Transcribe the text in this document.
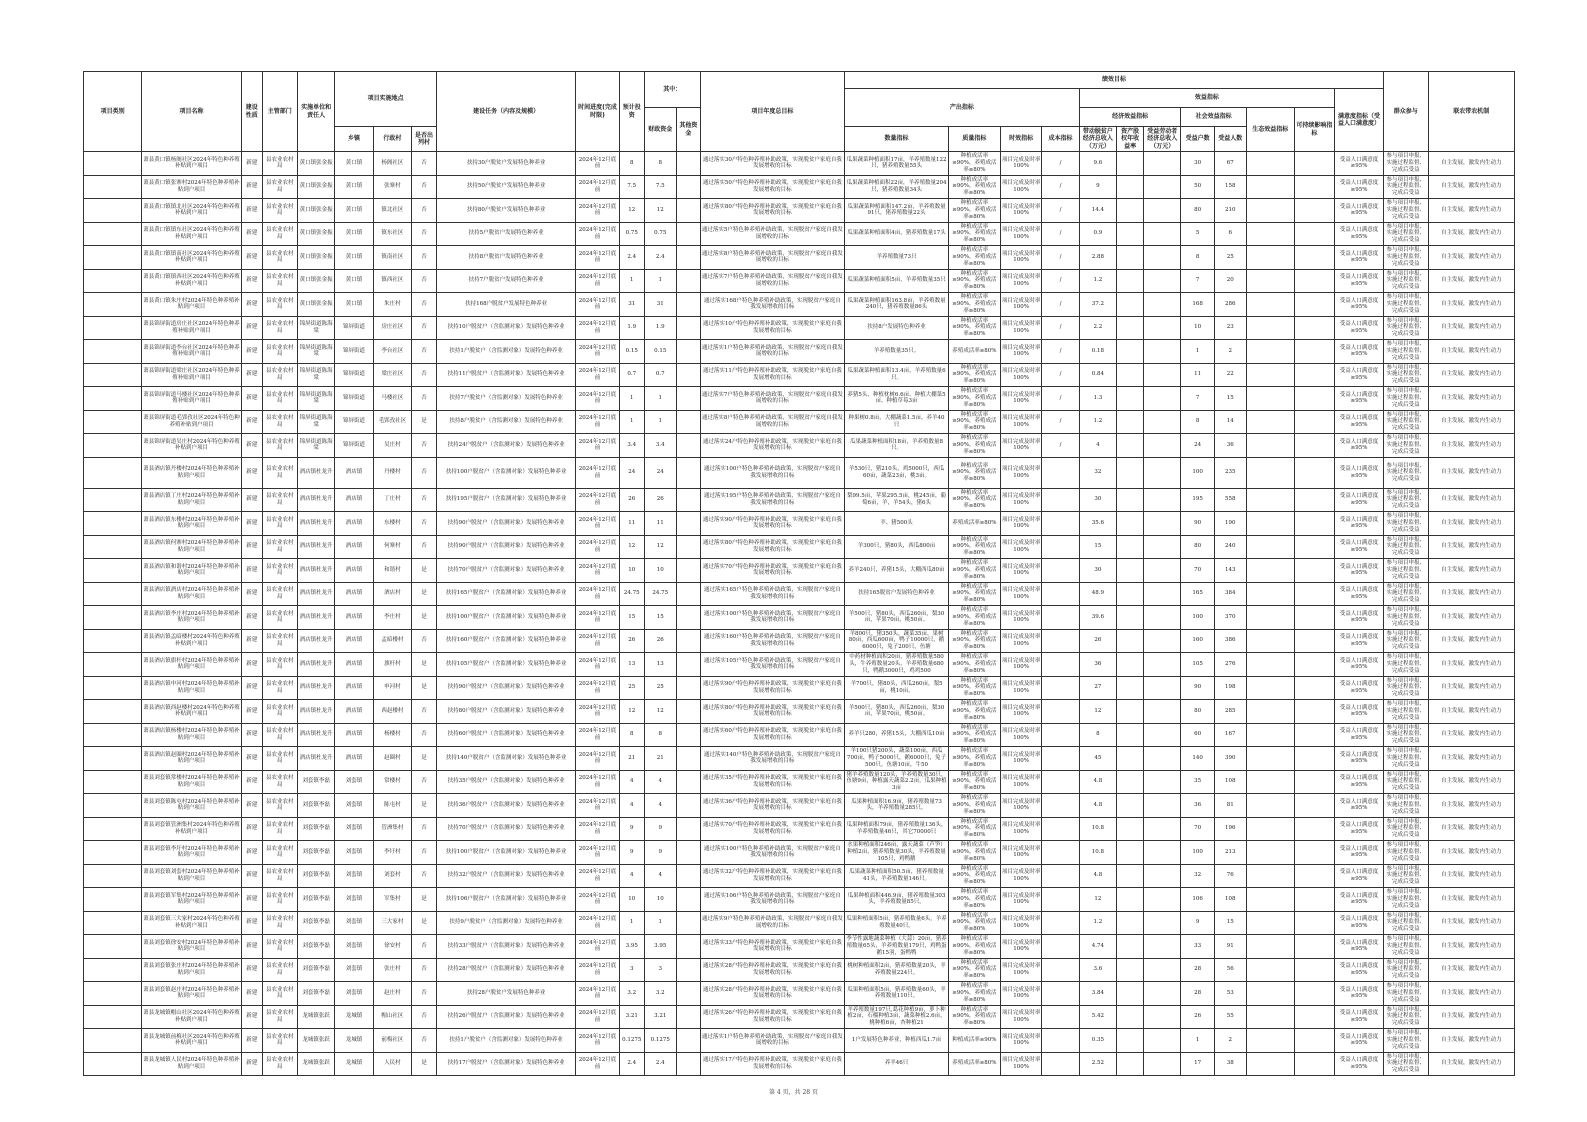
项目类别	项目名称	建设性质	主管部门	实施单位和责任人	项目实施地点			建设任务（内容及规模）	时间进度(完成时限)	预计投资	其中：		项目年度总目标	绩效目标												群众参与	联农带农机制
														产出指标				效益指标							满意度指标（受益人口满意度）		
											财政资金	其他资金						经济效益指标			社会效益指标		生态效益指标	可持续影响指标			
					乡镇	行政村	是否出列村							数量指标	质量指标	时效指标	成本指标	带动脱贫户经济总收入（万元）	资产股权年收益率	受益劳动者经济总收入（万元）	受益户数	受益人数					
	萧县黄口镇杨阁社区2024年特色种养殖补贴到户项目	新建	县农业农村局	黄口镇张金振	黄口镇	杨阁社区	否	扶持30户脱贫户发展特色种养业	2024年12月底前	8	8		通过落实30户特色种养殖补助政策，实现脱贫户家庭自我发展增收的目标	瓜果蔬菜种植面积17亩，羊养殖数量122只，猪养殖数量55头	种植成活率≥90%，养殖成活率≥80%	项目完成及时率100%	/	9.6			30	67			受益人口满意度≥95%	参与项目申报、实施过程监督、完成后受益	自主发展，激发内生动力
	萧县黄口镇张寨村2024年特色种养殖补贴到户项目	新建	县农业农村局	黄口镇张金振	黄口镇	张寨村	否	扶持50户脱贫户发展特色种养业	2024年12月底前	7.5	7.5		通过落实50户特色种养殖补助政策，实现脱贫户家庭自我发展增收的目标	瓜果蔬菜种植面积22亩，羊养殖数量204只，猪养殖数量34头	种植成活率≥90%，养殖成活率≥80%	项目完成及时率100%	/	9			50	158			受益人口满意度≥95%	参与项目申报、实施过程监督、完成后受益	自主发展，激发内生动力
	萧县黄口镇镇北社区2024年特色种养殖补贴到户项目	新建	县农业农村局	黄口镇张金振	黄口镇	镇北社区	否	扶持80户脱贫户发展特色种养业	2024年12月底前	12	12		通过落实80户特色种养殖补助政策，实现脱贫户家庭自我发展增收的目标	瓜果蔬菜种植面积147.2亩，羊养殖数量91只，猪养殖数量22头	种植成活率≥90%，养殖成活率≥80%	项目完成及时率100%	/	14.4			80	210			受益人口满意度≥95%	参与项目申报、实施过程监督、完成后受益	自主发展，激发内生动力
	萧县黄口镇镇东社区2024年特色种养殖补贴到户项目	新建	县农业农村局	黄口镇张金振	黄口镇	镇东社区	否	扶持5户脱贫户发展特色种养业	2024年12月底前	0.75	0.75		通过落实5户特色种养殖补助政策，实现脱贫户家庭自我发展增收的目标	瓜果蔬菜种植面积4亩，猪养殖数量17头	种植成活率≥90%，养殖成活率≥80%	项目完成及时率100%	/	0.9			5	6			受益人口满意度≥95%	参与项目申报、实施过程监督、完成后受益	自主发展，激发内生动力
	萧县黄口镇镇南社区2024年特色种养殖补贴到户项目	新建	县农业农村局	黄口镇张金振	黄口镇	镇南社区	否	扶持8户脱贫户发展特色种养业	2024年12月底前	2.4	2.4		通过落实8户特色种养殖补助政策，实现脱贫户家庭自我发展增收的目标	羊养殖数量73只	种植成活率≥90%，养殖成活率≥80%	项目完成及时率100%	/	2.88			8	25			受益人口满意度≥95%	参与项目申报、实施过程监督、完成后受益	自主发展，激发内生动力
	萧县黄口镇镇西社区2024年特色种养殖补贴到户项目	新建	县农业农村局	黄口镇张金振	黄口镇	镇西社区	否	扶持7户脱贫户发展特色种养业	2024年12月底前	1	1		通过落实7户特色种养殖补助政策，实现脱贫户家庭自我发展增收的目标	瓜果蔬菜种植面积5亩，羊养殖数量35只	种植成活率≥90%，养殖成活率≥80%	项目完成及时率100%	/	1.2			7	20			受益人口满意度≥95%	参与项目申报、实施过程监督、完成后受益	自主发展，激发内生动力
	萧县黄口镇朱庄村2024年特色种养殖补贴到户项目	新建	县农业农村局	黄口镇张金振	黄口镇	朱庄村	否	扶持168户脱贫户发展特色种养业	2024年12月底前	31	31		通过落实168户特色种养殖补助政策，实现脱贫户家庭自我发展增收的目标	瓜果蔬菜种植面积163.8亩，羊养殖数量240只，猪养殖数量86头	种植成活率≥90%，养殖成活率≥80%	项目完成及时率100%	/	37.2			168	286			受益人口满意度≥95%	参与项目申报、实施过程监督、完成后受益	自主发展，激发内生动力
	萧县锦屏街道房庄社区2024年特色种养殖补贴到户项目	新建	县农业农村局	锦屏街道陈海棠	锦屏街道	房庄社区	否	扶持10户脱贫户（含监测对象）发展特色种养业	2024年12月底前	1.9	1.9		通过落实10户特色种养殖补助政策，实现脱贫户家庭自我发展增收的目标	扶持8户发展特色种养业	种植成活率≥90%，养殖成活率≥80%	项目完成及时率100%	/	2.2			10	23			受益人口满意度≥95%	参与项目申报、实施过程监督、完成后受益	自主发展，激发内生动力
	萧县锦屏街道李台社区2024年特色种养殖补贴到户项目	新建	县农业农村局	锦屏街道陈海棠	锦屏街道	李台社区	否	扶持1户脱贫户（含监测对象）发展特色种养业	2024年12月底前	0.15	0.15		通过落实1户特色种养殖补助政策，实现脱贫户家庭自我发展增收的目标	羊养殖数量35只。	养殖成活率≥80%	项目完成及时率100%	/	0.18			1	2			受益人口满意度≥95%	参与项目申报、实施过程监督、完成后受益	自主发展，激发内生动力
	萧县锦屏街道梁庄社区2024年特色种养殖补贴到户项目	新建	县农业农村局	锦屏街道陈海棠	锦屏街道	梁庄社区	否	扶持11户脱贫户（含监测对象）发展特色种养业	2024年12月底前	0.7	0.7		通过落实11户特色种养殖补助政策，实现脱贫户家庭自我发展增收的目标	瓜果蔬菜种植面积13.4亩，羊养殖数量6只。	种植成活率≥90%，养殖成活率≥80%	项目完成及时率100%	/	0.84			11	22			受益人口满意度≥95%	参与项目申报、实施过程监督、完成后受益	自主发展，激发内生动力
	萧县锦屏街道马楼社区2024年特色种养殖补贴到户项目	新建	县农业农村局	锦屏街道陈海棠	锦屏街道	马楼社区	否	扶持7户脱贫户（含监测对象）发展特色种养业	2024年12月底前	1	1		通过落实7户特色种养殖补助政策，实现脱贫户家庭自我发展增收的目标	养猪5头、种植枕树6.6亩、种植大棚菜5亩、种植草莓3亩	种植成活率≥90%，养殖成活率≥80%	项目完成及时率100%	/	1.3			7	15			受益人口满意度≥95%	参与项目申报、实施过程监督、完成后受益	自主发展，激发内生动力
	萧县锦屏街道毛郢孜社区2024年特色种养殖补贴到户项目	新建	县农业农村局	锦屏街道陈海棠	锦屏街道	毛郢孜社区	是	扶持8户脱贫户（含监测对象）发展特色种养业	2024年12月底前	1	1		通过落实8户特色种养殖补助政策，实现脱贫户家庭自我发展增收的目标	种果树0.8亩，大棚蔬菜1.5亩，养羊40只	种植成活率≥90%，养殖成活率≥80%	项目完成及时率100%	/	1.2			8	14			受益人口满意度≥95%	参与项目申报、实施过程监督、完成后受益	自主发展，激发内生动力
	萧县锦屏街道吴庄村2024年特色种养殖补贴到户项目	新建	县农业农村局	锦屏街道陈海棠	锦屏街道	吴庄村	否	扶持24户脱贫户（含监测对象）发展特色种养业	2024年12月底前	3.4	3.4		通过落实24户特色种养殖补助政策，实现脱贫户家庭自我发展增收的目标	瓜果蔬菜种植面积18亩，羊养殖数量8只。	种植成活率≥90%，养殖成活率≥80%	项目完成及时率100%	/	4			24	36			受益人口满意度≥95%	参与项目申报、实施过程监督、完成后受益	自主发展，激发内生动力
	萧县酒店镇丹楼村2024年特色种养殖补贴到户项目	新建	县农业农村局	酒店镇杜龙升	酒店镇	丹楼村	否	扶持100户脱贫户（含监测对象）发展特色种养业	2024年12月底前	24	24		通过落实100户特色种养殖补助政策，实现脱贫户家庭自我发展增收的目标	羊530只，猪210头，鸡5000只，西瓜60亩，蔬菜23亩，桃3亩。	种植成活率≥90%，养殖成活率≥80%	项目完成及时率100%		32			100	235			受益人口满意度≥95%	参与项目申报、实施过程监督、完成后受益	自主发展，激发内生动力
	萧县酒店镇丁庄村2024年特色种养殖补贴到户项目	新建	县农业农村局	酒店镇杜龙升	酒店镇	丁庄村	否	扶持195户脱贫户（含监测对象）发展特色种养业	2024年12月底前	26	26		通过落实195户特色种养殖补助政策，实现脱贫户家庭自我发展增收的目标	梨99.5亩，苹果295.5亩，桃245亩，葡萄6亩，羊，羊54头，猪6头	种植成活率≥90%，养殖成活率≥80%	项目完成及时率100%		30			195	558			受益人口满意度≥95%	参与项目申报、实施过程监督、完成后受益	自主发展，激发内生动力
	萧县酒店镇东楼村2024年特色种养殖补贴到户项目	新建	县农业农村局	酒店镇杜龙升	酒店镇	东楼村	否	扶持90户脱贫户（含监测对象）发展特色种养业	2024年12月底前	11	11		通过落实90户特色种养殖补助政策，实现脱贫户家庭自我发展增收的目标	羊、猪500头	养殖成活率≥80%	项目完成及时率100%		35.6			90	190			受益人口满意度≥95%	参与项目申报、实施过程监督、完成后受益	自主发展，激发内生动力
	萧县酒店镇何寨村2024年特色种养殖补贴到户项目	新建	县农业农村局	酒店镇杜龙升	酒店镇	何寨村	否	扶持90户脱贫户（含监测对象）发展特色种养业	2024年12月底前	12	12		通过落实80户特色种养殖补助政策，实现脱贫户家庭自我发展增收的目标	羊300只，猪80头，西瓜800亩	种植成活率≥90%，养殖成活率≥80%	项目完成及时率100%		15			80	240			受益人口满意度≥95%	参与项目申报、实施过程监督、完成后受益	自主发展，激发内生动力
	萧县酒店镇和谐村2024年特色种养殖补贴到户项目	新建	县农业农村局	酒店镇杜龙升	酒店镇	和谐村	是	扶持70户脱贫户（含监测对象）发展特色种养业	2024年12月底前	10	10		通过落实70户特色种养殖补助政策，实现脱贫户家庭自我发展增收的目标	养羊240只，养猪15头，大棚西瓜80亩	种植成活率≥90%，养殖成活率≥80%	项目完成及时率100%		30			70	143			受益人口满意度≥95%	参与项目申报、实施过程监督、完成后受益	自主发展，激发内生动力
	萧县酒店镇酒店村2024年特色种养殖补贴到户项目	新建	县农业农村局	酒店镇杜龙升	酒店镇	酒店村	是	扶持165户脱贫户（含监测对象）发展特色种养业	2024年12月底前	24.75	24.75		通过落实165户特色种养殖补助政策，实现脱贫户家庭自我发展增收的目标	扶持165脱贫户发展特色种养业	种植成活率≥90%，养殖成活率≥80%	项目完成及时率100%		48.9			165	384			受益人口满意度≥95%	参与项目申报、实施过程监督、完成后受益	自主发展，激发内生动力
	萧县酒店镇李庄村2024年特色种养殖补贴到户项目	新建	县农业农村局	酒店镇杜龙升	酒店镇	李庄村	是	扶持100户脱贫户（含监测对象）发展特色种养业	2024年12月底前	15	15		通过落实100户特色种养殖补助政策，实现脱贫户家庭自我发展增收的目标	羊500只，猪80头，西瓜260亩，梨30亩，苹果70亩，桃50亩。	种植成活率≥90%，养殖成活率≥80%	项目完成及时率100%		39.6			100	370			受益人口满意度≥95%	参与项目申报、实施过程监督、完成后受益	自主发展，激发内生动力
	萧县酒店镇孟暗楼村2024年特色种养殖补贴到户项目	新建	县农业农村局	酒店镇杜龙升	酒店镇	孟暗楼村	否	扶持160户脱贫户（含监测对象）发展特色种养业	2024年12月底前	26	26		通过落实160户特色种养殖补助政策，实现脱贫户家庭自我发展增收的目标	羊800只，猪350头，蔬菜35亩，果树80亩，西瓜600亩，鸭子10000只，鹅6000只，兔子200只，鱼塘	种植成活率≥90%，养殖成活率≥80%	项目完成及时率100%		26			160	386			受益人口满意度≥95%	参与项目申报、实施过程监督、完成后受益	自主发展，激发内生动力
	萧县酒店镇旗杆村2024年特色种养殖补贴到户项目	新建	县农业农村局	酒店镇杜龙升	酒店镇	旗杆村	是	扶持105户脱贫户（含监测对象）发展特色种养业	2024年12月底前	13	13		通过落实105户特色种养殖补助政策，实现脱贫户家庭自我发展增收的目标	中药材种植面积20亩，猪养殖数量580头，牛养殖数量20头，羊养殖数量680只，鸭鹅3000只，鸡鸡500	种植成活率≥90%，养殖成活率≥80%	项目完成及时率100%		36			105	276			受益人口满意度≥95%	参与项目申报、实施过程监督、完成后受益	自主发展，激发内生动力
	萧县酒店镇申河村2024年特色种养殖补贴到户项目	新建	县农业农村局	酒店镇杜龙升	酒店镇	申河村	是	扶持90户脱贫户（含监测对象）发展特色种养业	2024年12月底前	25	25		通过落实90户特色种养殖补助政策，实现脱贫户家庭自我发展增收的目标	羊700只，猪80头，西瓜260亩，梨5亩，桃10亩。	种植成活率≥90%，养殖成活率≥80%	项目完成及时率100%		27			90	198			受益人口满意度≥95%	参与项目申报、实施过程监督、完成后受益	自主发展，激发内生动力
	萧县酒店镇西赵楼村2024年特色种养殖补贴到户项目	新建	县农业农村局	酒店镇杜龙升	酒店镇	西赵楼村	否	扶持80户脱贫户（含监测对象）发展特色种养业	2024年12月底前	12	12		通过落实80户特色种养殖补助政策，实现脱贫户家庭自我发展增收的目标	羊500只，猪80头，西瓜260亩，梨30亩，苹果70亩，桃50亩。	种植成活率≥90%，养殖成活率≥80%	项目完成及时率100%		12			80	285			受益人口满意度≥95%	参与项目申报、实施过程监督、完成后受益	自主发展，激发内生动力
	萧县酒店镇杨楼村2024年特色种养殖补贴到户项目	新建	县农业农村局	酒店镇杜龙升	酒店镇	杨楼村	否	扶持60户脱贫户（含监测对象）发展特色种养业	2024年12月底前	8	8		通过落实60户特色种养殖补助政策，实现脱贫户家庭自我发展增收的目标	养羊只280，养猪15头，大棚西瓜10亩	种植成活率≥90%，养殖成活率≥80%	项目完成及时率100%		8			60	167			受益人口满意度≥95%	参与项目申报、实施过程监督、完成后受益	自主发展，激发内生动力
	萧县酒店镇赵圈村2024年特色种养殖补贴到户项目	新建	县农业农村局	酒店镇杜龙升	酒店镇	赵圈村	是	扶持140户脱贫户（含监测对象）发展特色种养业	2024年12月底前	21	21		通过落实140户特色种养殖补助政策，实现脱贫户家庭自我发展增收的目标	羊100只猪200头，蔬菜100亩，西瓜700亩，鸭子5000只，鹅6000只，兔子500只，鱼塘10亩，牛50	种植成活率≥90%，养殖成活率≥80%	项目完成及时率100%		45			140	390			受益人口满意度≥95%	参与项目申报、实施过程监督、完成后受益	自主发展，激发内生动力
	萧县刘套镇常楼村2024年特色种养殖补贴到户项目	新建	县农业农村局	刘套镇李磊	刘套镇	常楼村	否	扶持35户脱贫户（含监测对象）发展特色种养业	2024年12月底前	4	4		通过落实35户特色种养殖补助政策，实现脱贫户家庭自我发展增收的目标	猪羊养殖数量120头，羊养殖数量30只，鱼塘9亩，种植露天蔬菜2.2亩，瓜果种植3亩	种植成活率≥90%，养殖成活率≥80%	项目完成及时率100%		4.8			35	108			受益人口满意度≥95%	参与项目申报、实施过程监督、完成后受益	自主发展，激发内生动力
	萧县刘套镇陈屯村2024年特色种养殖补贴到户项目	新建	县农业农村局	刘套镇李磊	刘套镇	陈屯村	是	扶持36户脱贫户（含监测对象）发展特色种养业	2024年12月底前	4	4		通过落实36户特色种养殖补助政策，实现脱贫户家庭自我发展增收的目标	瓜果种植面积16.9亩，猪养殖数量73头，羊养殖数量285只。	种植成活率≥90%，养殖成活率≥80%	项目完成及时率100%		4.8			36	81			受益人口满意度≥95%	参与项目申报、实施过程监督、完成后受益	自主发展，激发内生动力
	萧县刘套镇管洲集村2024年特色种养殖补贴到户项目	新建	县农业农村局	刘套镇李磊	刘套镇	管洲集村	否	扶持70户脱贫户（含监测对象）发展特色种养业	2024年12月底前	9	9		通过落实70户特色种养殖补助政策，实现脱贫户家庭自我发展增收的目标	瓜果种植面积79亩，猪养殖数量136头，羊养殖数量46只，其它70000只	种植成活率≥90%，养殖成活率≥80%	项目完成及时率100%		10.8			70	196			受益人口满意度≥95%	参与项目申报、实施过程监督、完成后受益	自主发展，激发内生动力
	萧县刘套镇李圩村2024年特色种养殖补贴到户项目	新建	县农业农村局	刘套镇李磊	刘套镇	李圩村	否	扶持100户脱贫户（含监测对象）发展特色种养业	2024年12月底前	9	9		通过落实100户特色种养殖补助政策，实现脱贫户家庭自我发展增收的目标	水果种植面积246亩，露天蔬菜（芦笋）种植2亩，猪养殖数量30头，羊养殖数量105只，鸡鸭鹅	种植成活率≥90%，养殖成活率≥80%	项目完成及时率100%		10.8			100	213			受益人口满意度≥95%	参与项目申报、实施过程监督、完成后受益	自主发展，激发内生动力
	萧县刘套镇刘套村2024年特色种养殖补贴到户项目	新建	县农业农村局	刘套镇李磊	刘套镇	刘套村	否	扶持32户脱贫户（含监测对象）发展特色种养业	2024年12月底前	4	4		通过落实32户特色种养殖补助政策，实现脱贫户家庭自我发展增收的目标	瓜果蔬菜种植面积50.5亩，猪养殖数量41头，羊养殖数量146只。	种植成活率≥90%，养殖成活率≥80%	项目完成及时率100%		4.8			32	76			受益人口满意度≥95%	参与项目申报、实施过程监督、完成后受益	自主发展，激发内生动力
	萧县刘套镇军集村2024年特色种养殖补贴到户项目	新建	县农业农村局	刘套镇李磊	刘套镇	军集村	是	扶持106户脱贫户（含监测对象）发展特色种养业	2024年12月底前	10	10		通过落实106户特色种养殖补助政策，实现脱贫户家庭自我发展增收的目标	瓜果种植面积446.9亩，猪养殖数量303头，羊养殖数量85只。	种植成活率≥90%，养殖成活率≥80%	项目完成及时率100%		12			106	108			受益人口满意度≥95%	参与项目申报、实施过程监督、完成后受益	自主发展，激发内生动力
	萧县刘套镇三大家村2024年特色种养殖补贴到户项目	新建	县农业农村局	刘套镇李磊	刘套镇	三大家村	是	扶持9户脱贫户（含监测对象）发展特色种养业	2024年12月底前	1	1		通过落实9户特色种养殖补助政策，实现脱贫户家庭自我发展增收的目标	瓜果种植面积5亩，猪养殖数量6头，羊养殖数量40只。	种植成活率≥90%，养殖成活率≥80%	项目完成及时率100%		1.2			9	15			受益人口满意度≥95%	参与项目申报、实施过程监督、完成后受益	自主发展，激发内生动力
	萧县刘套镇徐安村2024年特色种养殖补贴到户项目	新建	县农业农村局	刘套镇李磊	刘套镇	徐安村	否	扶持33户脱贫户（含监测对象）发展特色种养业	2024年12月底前	3.95	3.95		通过落实33户特色种养殖补助政策，实现脱贫户家庭自我发展增收的目标	季节性露地蔬菜种植（大蒜）20亩，猪养殖数量65头，羊养殖数量179只，鸡鸭蛋鹅15羽，蛋鸭鸭	种植成活率≥90%，养殖成活率≥80%	项目完成及时率100%		4.74			33	91			受益人口满意度≥95%	参与项目申报、实施过程监督、完成后受益	自主发展，激发内生动力
	萧县刘套镇张庄村2024年特色种养殖补贴到户项目	新建	县农业农村局	刘套镇李磊	刘套镇	张庄村	否	扶持28户脱贫户（含监测对象）发展特色种养业	2024年12月底前	3	3		通过落实28户特色种养殖补助政策，实现脱贫户家庭自我发展增收的目标	桃树种植面积2亩，猪养殖数量20头，羊养殖数量224只。	种植成活率≥90%，养殖成活率≥80%	项目完成及时率100%		3.6			28	56			受益人口满意度≥95%	参与项目申报、实施过程监督、完成后受益	自主发展，激发内生动力
	萧县刘套镇赵庄村2024年特色种养殖补贴到户项目	新建	县农业农村局	刘套镇李磊	刘套镇	赵庄村	否	扶持28户脱贫户发展特色种养业	2024年12月底前	3.2	3.2		通过落实28户特色种养殖补助政策，实现脱贫户家庭自我发展增收的目标	瓜果种植面积5亩，猪养殖数量60头，羊养殖数量110只。	种植成活率≥90%，养殖成活率≥80%	项目完成及时率100%		3.84			28	53			受益人口满意度≥95%	参与项目申报、实施过程监督、完成后受益	自主发展，激发内生动力
	萧县龙城镇帽山社区2024年特色种养殖补贴到户项目	新建	县农业农村局	龙城镇张跃	龙城镇	帽山社区	否	扶持26户脱贫户（含监测对象）发展特色种养业	2024年12月底前	3.21	3.21		通过落实26户特色种养殖补助政策，实现脱贫户家庭自我发展增收的目标	羊养殖数量197只,葛花种植9亩，萝卜种植2亩，石榴种植3亩，蔬菜种植2.6亩，桃种植6亩，杏种植21	种植成活率≥90%，养殖成活率≥80%	项目完成及时率100%		5.42			26	55			受益人口满意度≥95%	参与项目申报、实施过程监督、完成后受益	自主发展，激发内生动力
	萧县龙城镇前梅社区2024年特色种养殖补贴到户项目	新建	县农业农村局	龙城镇张跃	龙城镇	前梅社区	否	扶持1户脱贫户（含监测对象）发展特色种养业	2024年12月底前	0.1275	0.1275		通过落实1户特色种养殖补助政策，实现脱贫户家庭自我发展增收的目标	1户发展特色种养业，种植西瓜1.7亩	种植成活率≥90%	项目完成及时率100%		0.35			1	2			受益人口满意度≥95%	参与项目申报、实施过程监督、完成后受益	自主发展，激发内生动力
	萧县龙城镇人民村2024年特色种养殖补贴到户项目	新建	县农业农村局	龙城镇张跃	龙城镇	人民村	是	扶持17户脱贫户（含监测对象）发展特色种养业	2024年12月底前	2.4	2.4		通过落实17户特色种养殖补助政策，实现脱贫户家庭自我发展增收的目标	养羊46只	养殖成活率≥80%	项目完成及时率100%		2.52			17	38			受益人口满意度≥95%	参与项目申报、实施过程监督、完成后受益	自主发展，激发内生动力
第 4 页，共 28 页
